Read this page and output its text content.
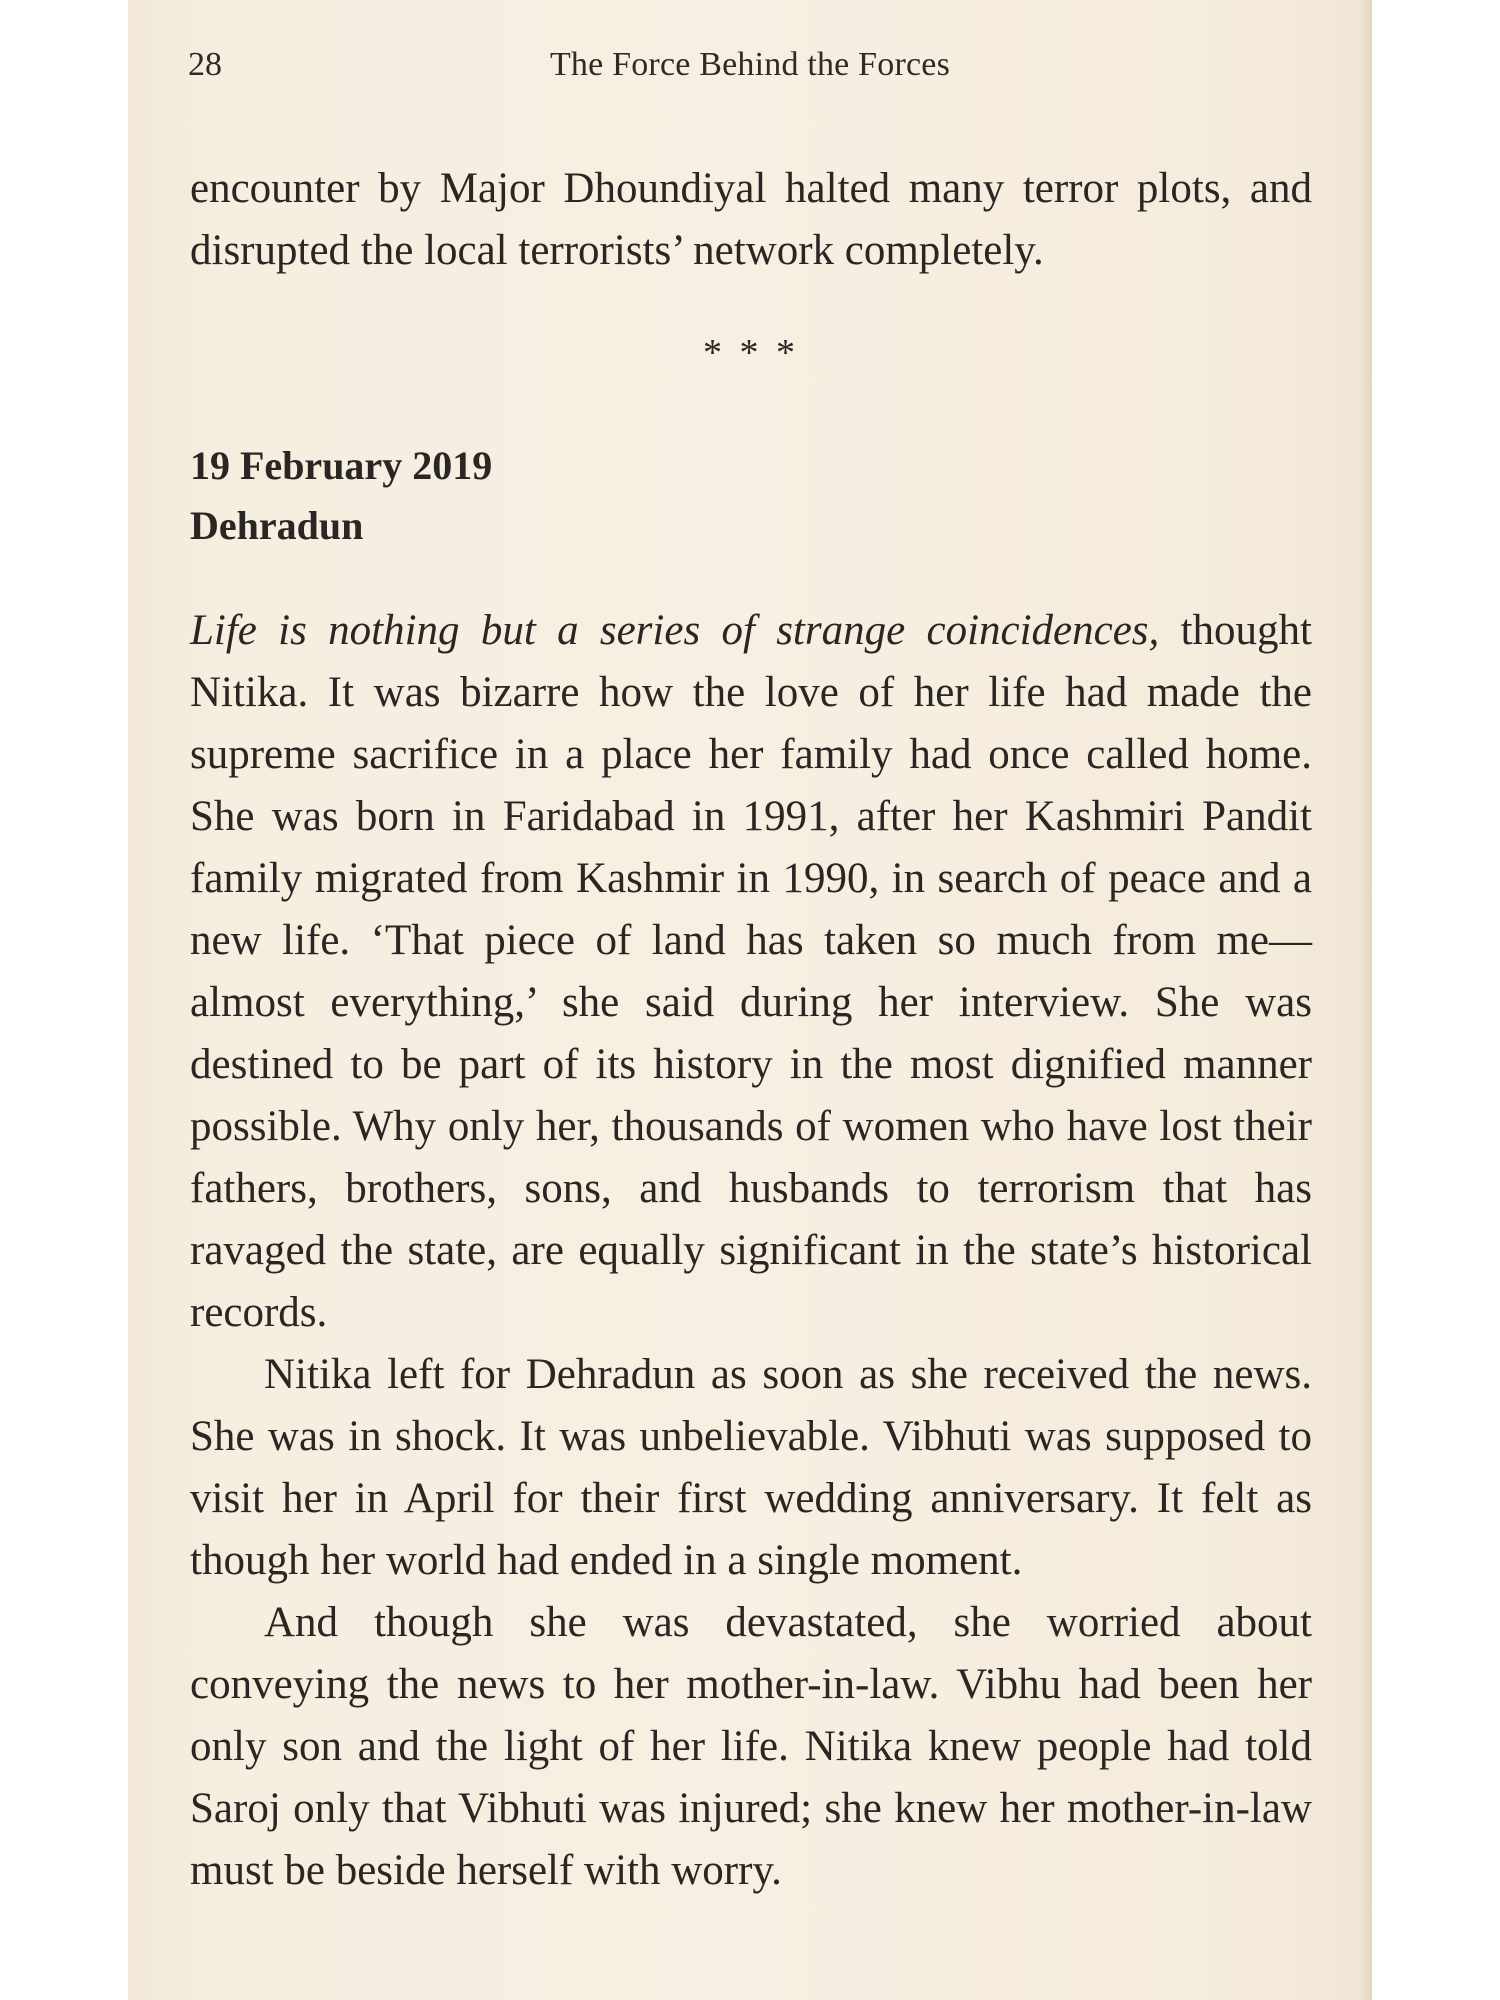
28	The Force Behind the Forces

encounter by Major Dhoundiyal halted many terror plots, and disrupted the local terrorists’ network completely.

* * *

19 February 2019

Dehradun

Life is nothing but a series of strange coincidences, thought Nitika. It was bizarre how the love of her life had made the supreme sacrifice in a place her family had once called home. She was born in Faridabad in 1991, after her Kashmiri Pandit family migrated from Kashmir in 1990, in search of peace and a new life. ‘That piece of land has taken so much from me—almost everything,’ she said during her interview. She was destined to be part of its history in the most dignified manner possible. Why only her, thousands of women who have lost their fathers, brothers, sons, and husbands to terrorism that has ravaged the state, are equally significant in the state’s historical records.

Nitika left for Dehradun as soon as she received the news. She was in shock. It was unbelievable. Vibhuti was supposed to visit her in April for their first wedding anniversary. It felt as though her world had ended in a single moment.

And though she was devastated, she worried about conveying the news to her mother-in-law. Vibhu had been her only son and the light of her life. Nitika knew people had told Saroj only that Vibhuti was injured; she knew her mother-in-law must be beside herself with worry.
